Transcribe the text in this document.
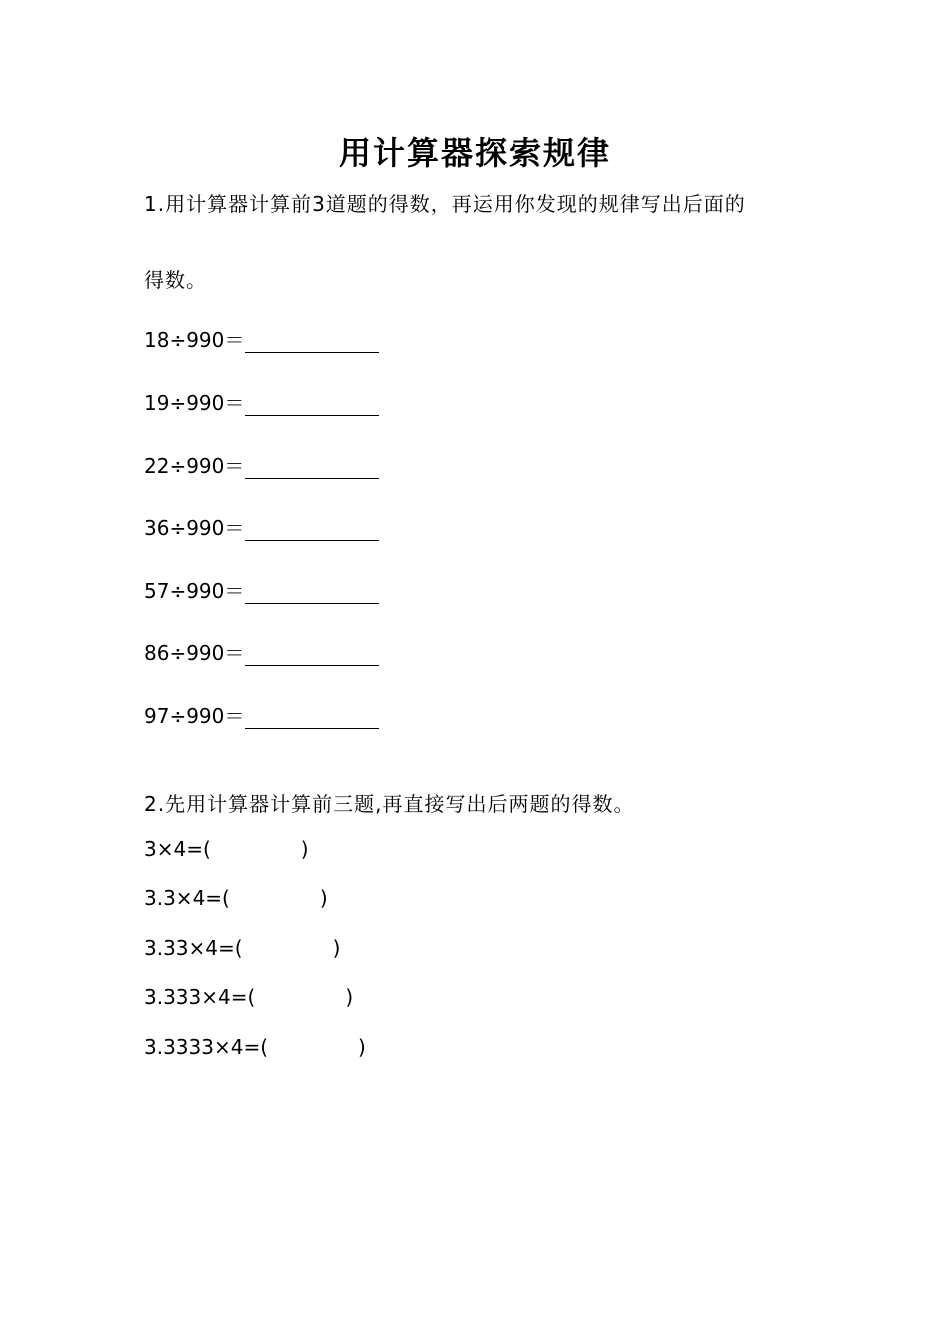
用计算器探索规律
1.用计算器计算前3道题的得数，再运用你发现的规律写出后面的
得数。
18÷990＝
19÷990＝
22÷990＝
36÷990＝
57÷990＝
86÷990＝
97÷990＝
2.先用计算器计算前三题,再直接写出后两题的得数。
3×4=(	)
3.3×4=(	)
3.33×4=(	)
3.333×4=(	)
3.3333×4=(	)
